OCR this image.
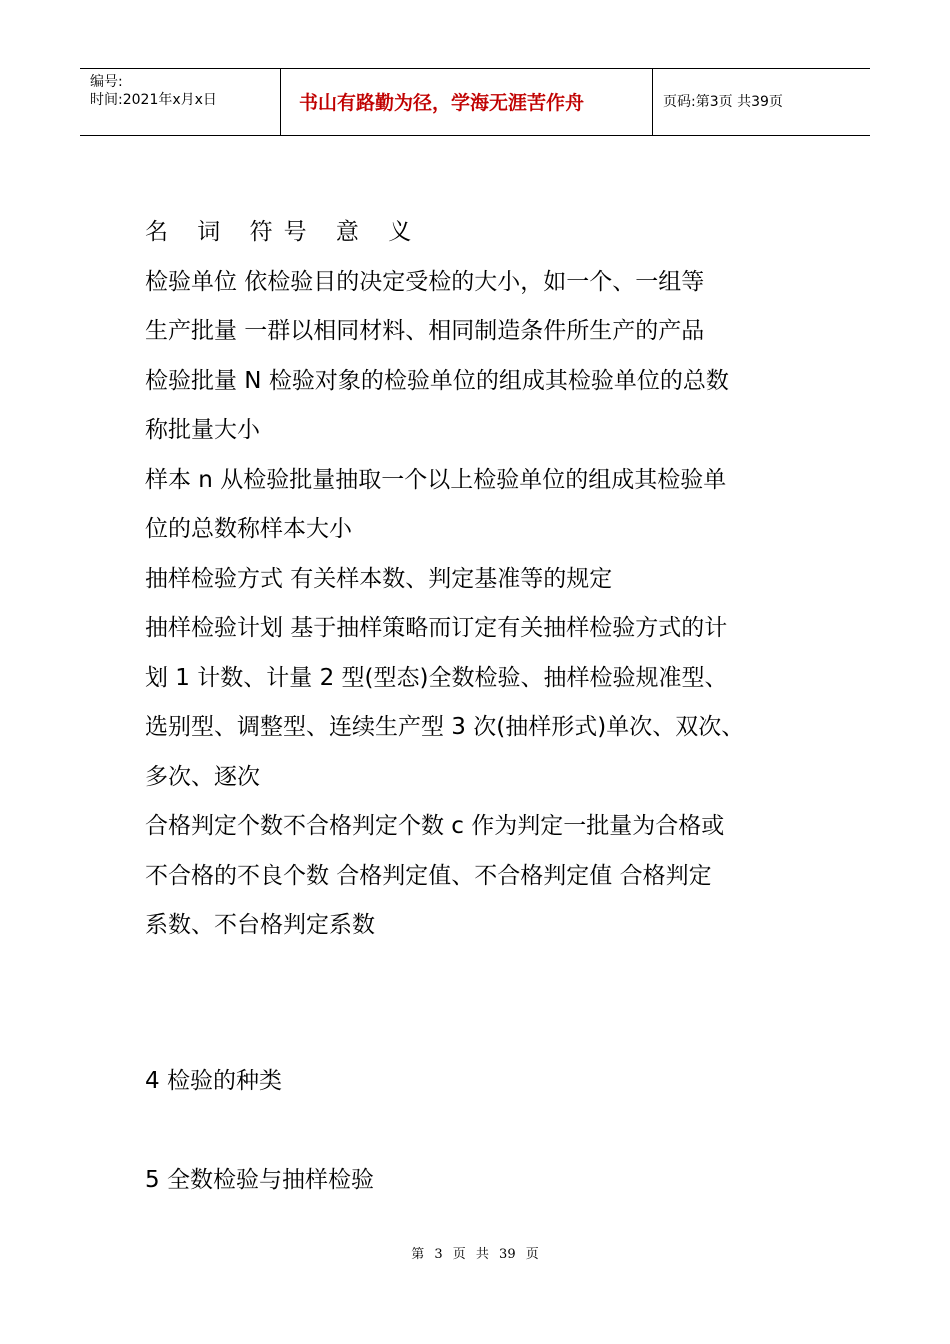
编号:
时间:2021年x月x日	书山有路勤为径，学海无涯苦作舟	页码:第3页 共39页
名 词 符号 意 义
检验单位 依检验目的决定受检的大小，如一个、一组等
生产批量 一群以相同材料、相同制造条件所生产的产品
检验批量 N 检验对象的检验单位的组成其检验单位的总数
称批量大小
样本 n 从检验批量抽取一个以上检验单位的组成其检验单
位的总数称样本大小
抽样检验方式 有关样本数、判定基准等的规定
抽样检验计划 基于抽样策略而订定有关抽样检验方式的计
划 1 计数、计量 2 型(型态)全数检验、抽样检验规准型、
选别型、调整型、连续生产型 3 次(抽样形式)单次、双次、
多次、逐次
合格判定个数不合格判定个数 c 作为判定一批量为合格或
不合格的不良个数 合格判定值、不合格判定值 合格判定
系数、不台格判定系数
4 检验的种类
5 全数检验与抽样检验
第 3 页 共 39 页
